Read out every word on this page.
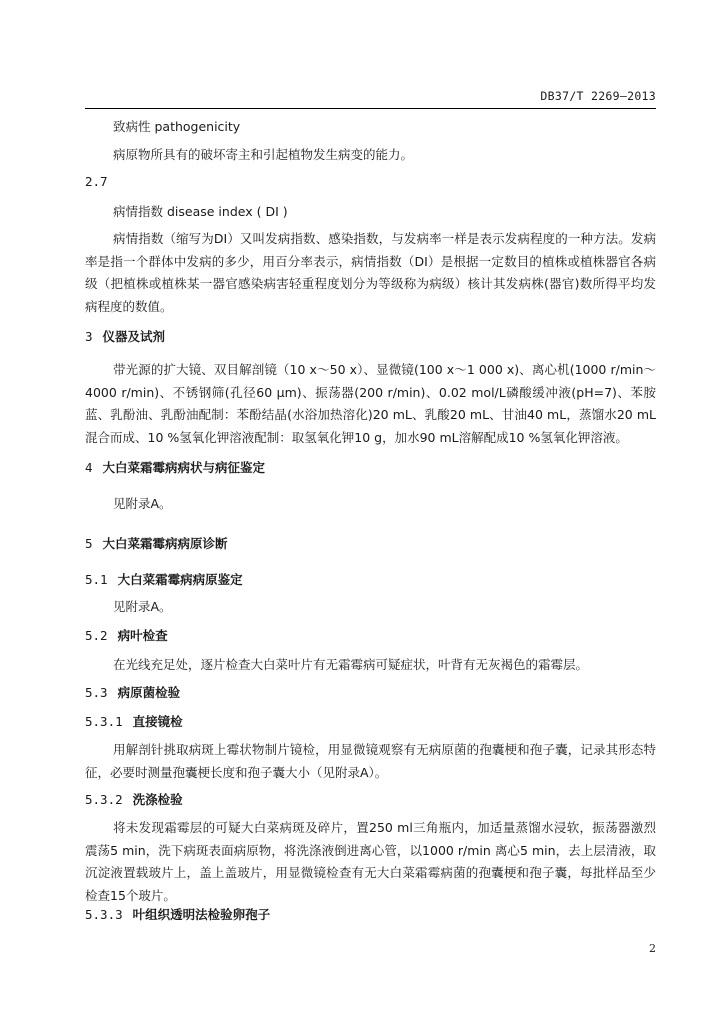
DB37/T 2269—2013
致病性 pathogenicity
病原物所具有的破坏寄主和引起植物发生病变的能力。
2.7
病情指数 disease index ( DI )
病情指数（缩写为DI）又叫发病指数、感染指数，与发病率一样是表示发病程度的一种方法。发病率是指一个群体中发病的多少，用百分率表示，病情指数（DI）是根据一定数目的植株或植株器官各病级（把植株或植株某一器官感染病害轻重程度划分为等级称为病级）核计其发病株(器官)数所得平均发病程度的数值。
3 仪器及试剂
带光源的扩大镜、双目解剖镜（10 x～50 x）、显微镜(100 x～1 000 x)、离心机(1000 r/min～4000 r/min)、不锈钢筛(孔径60 μm)、振荡器(200 r/min)、0.02 mol/L磷酸缓冲液(pH=7)、苯胺蓝、乳酚油、乳酚油配制：苯酚结晶(水浴加热溶化)20 mL、乳酸20 mL、甘油40 mL，蒸馏水20 mL混合而成、10 %氢氧化钾溶液配制：取氢氧化钾10 g，加水90 mL溶解配成10 %氢氧化钾溶液。
4 大白菜霜霉病病状与病征鉴定
见附录A。
5 大白菜霜霉病病原诊断
5.1 大白菜霜霉病病原鉴定
见附录A。
5.2 病叶检查
在光线充足处，逐片检查大白菜叶片有无霜霉病可疑症状，叶背有无灰褐色的霜霉层。
5.3 病原菌检验
5.3.1 直接镜检
用解剖针挑取病斑上霉状物制片镜检，用显微镜观察有无病原菌的孢囊梗和孢子囊，记录其形态特征，必要时测量孢囊梗长度和孢子囊大小（见附录A）。
5.3.2 洗涤检验
将未发现霜霉层的可疑大白菜病斑及碎片，置250 ml三角瓶内，加适量蒸馏水浸软，振荡器激烈震荡5 min，洗下病斑表面病原物，将洗涤液倒进离心管，以1000 r/min 离心5 min，去上层清液，取沉淀液置载玻片上，盖上盖玻片，用显微镜检查有无大白菜霜霉病菌的孢囊梗和孢子囊，每批样品至少检查15个玻片。
5.3.3 叶组织透明法检验卵孢子
2
